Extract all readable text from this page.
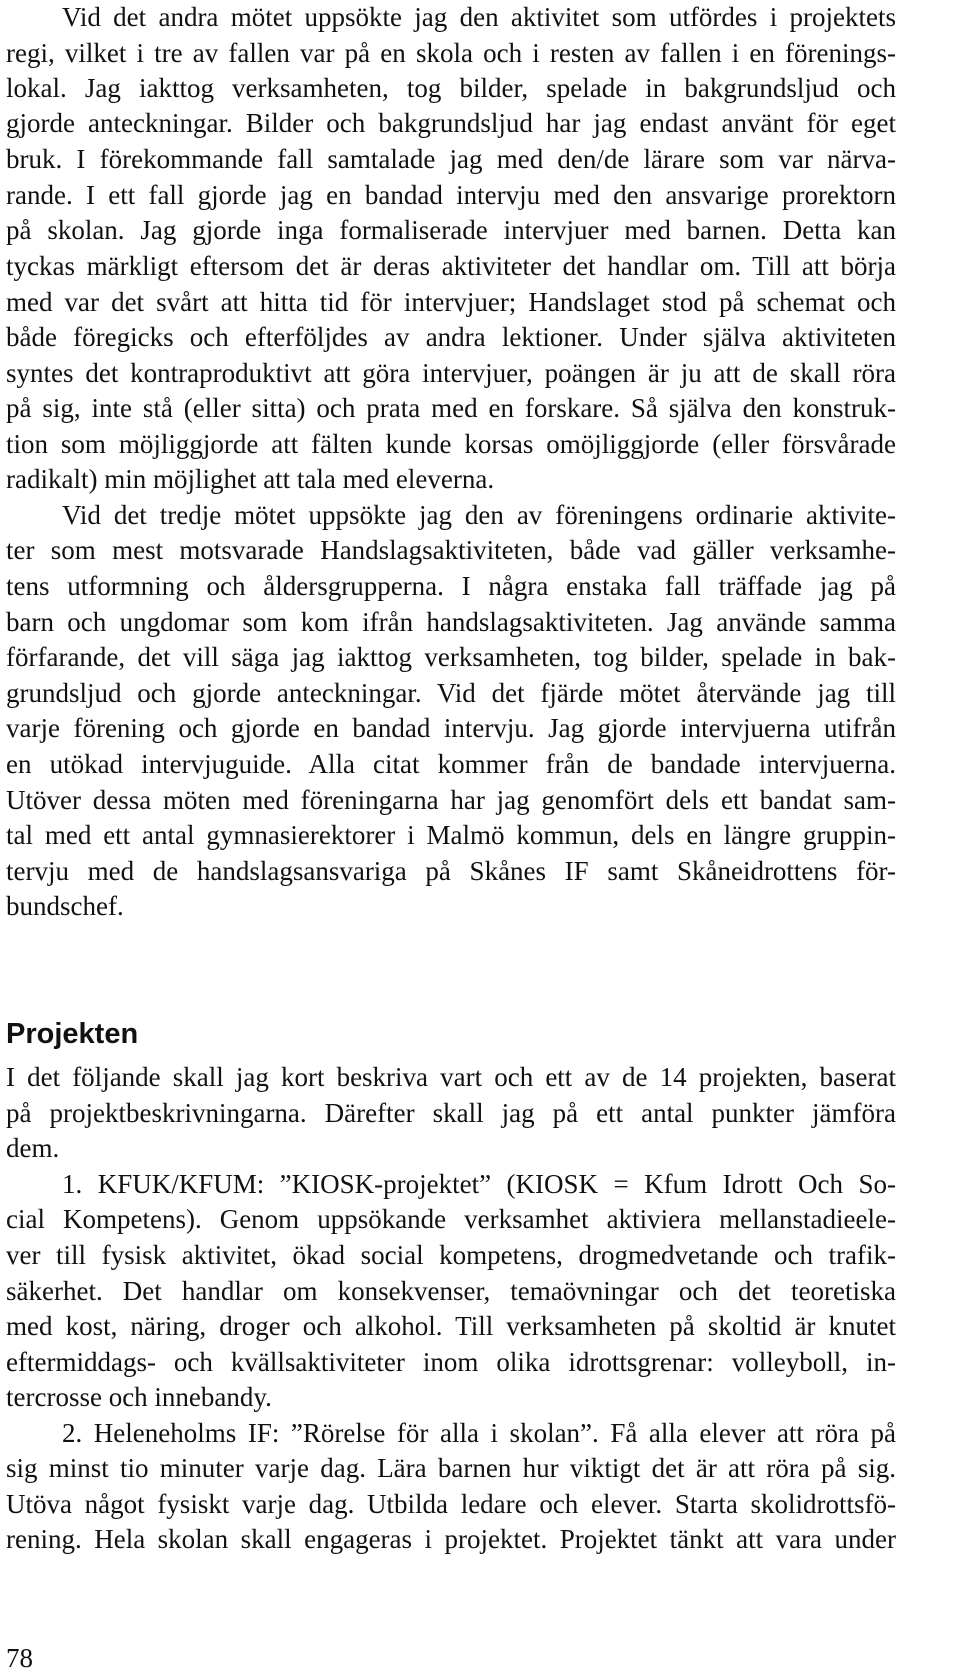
Vid det andra mötet uppsökte jag den aktivitet som utfördes i projektets
regi, vilket i tre av fallen var på en skola och i resten av fallen i en förenings-
lokal. Jag iakttog verksamheten, tog bilder, spelade in bakgrundsljud och
gjorde anteckningar. Bilder och bakgrundsljud har jag endast använt för eget
bruk. I förekommande fall samtalade jag med den/de lärare som var närva-
rande. I ett fall gjorde jag en bandad intervju med den ansvarige prorektorn
på skolan. Jag gjorde inga formaliserade intervjuer med barnen. Detta kan
tyckas märkligt eftersom det är deras aktiviteter det handlar om. Till att börja
med var det svårt att hitta tid för intervjuer; Handslaget stod på schemat och
både föregicks och efterföljdes av andra lektioner. Under själva aktiviteten
syntes det kontraproduktivt att göra intervjuer, poängen är ju att de skall röra
på sig, inte stå (eller sitta) och prata med en forskare. Så själva den konstruk-
tion som möjliggjorde att fälten kunde korsas omöjliggjorde (eller försvårade
radikalt) min möjlighet att tala med eleverna.
Vid det tredje mötet uppsökte jag den av föreningens ordinarie aktivite-
ter som mest motsvarade Handslagsaktiviteten, både vad gäller verksamhe-
tens utformning och åldersgrupperna. I några enstaka fall träffade jag på
barn och ungdomar som kom ifrån handslagsaktiviteten. Jag använde samma
förfarande, det vill säga jag iakttog verksamheten, tog bilder, spelade in bak-
grundsljud och gjorde anteckningar. Vid det fjärde mötet återvände jag till
varje förening och gjorde en bandad intervju. Jag gjorde intervjuerna utifrån
en utökad intervjuguide. Alla citat kommer från de bandade intervjuerna.
Utöver dessa möten med föreningarna har jag genomfört dels ett bandat sam-
tal med ett antal gymnasierektorer i Malmö kommun, dels en längre gruppin-
tervju med de handslagsansvariga på Skånes IF samt Skåneidrottens för-
bundschef.
Projekten
I det följande skall jag kort beskriva vart och ett av de 14 projekten, baserat
på projektbeskrivningarna. Därefter skall jag på ett antal punkter jämföra
dem.
1. KFUK/KFUM: ”KIOSK-projektet” (KIOSK = Kfum Idrott Och So-
cial Kompetens). Genom uppsökande verksamhet aktiviera mellanstadieele-
ver till fysisk aktivitet, ökad social kompetens, drogmedvetande och trafik-
säkerhet. Det handlar om konsekvenser, temaövningar och det teoretiska
med kost, näring, droger och alkohol. Till verksamheten på skoltid är knutet
eftermiddags- och kvällsaktiviteter inom olika idrottsgrenar: volleyboll, in-
tercrosse och innebandy.
2. Heleneholms IF: ”Rörelse för alla i skolan”. Få alla elever att röra på
sig minst tio minuter varje dag. Lära barnen hur viktigt det är att röra på sig.
Utöva något fysiskt varje dag. Utbilda ledare och elever. Starta skolidrottsfö-
rening. Hela skolan skall engageras i projektet. Projektet tänkt att vara under
78
